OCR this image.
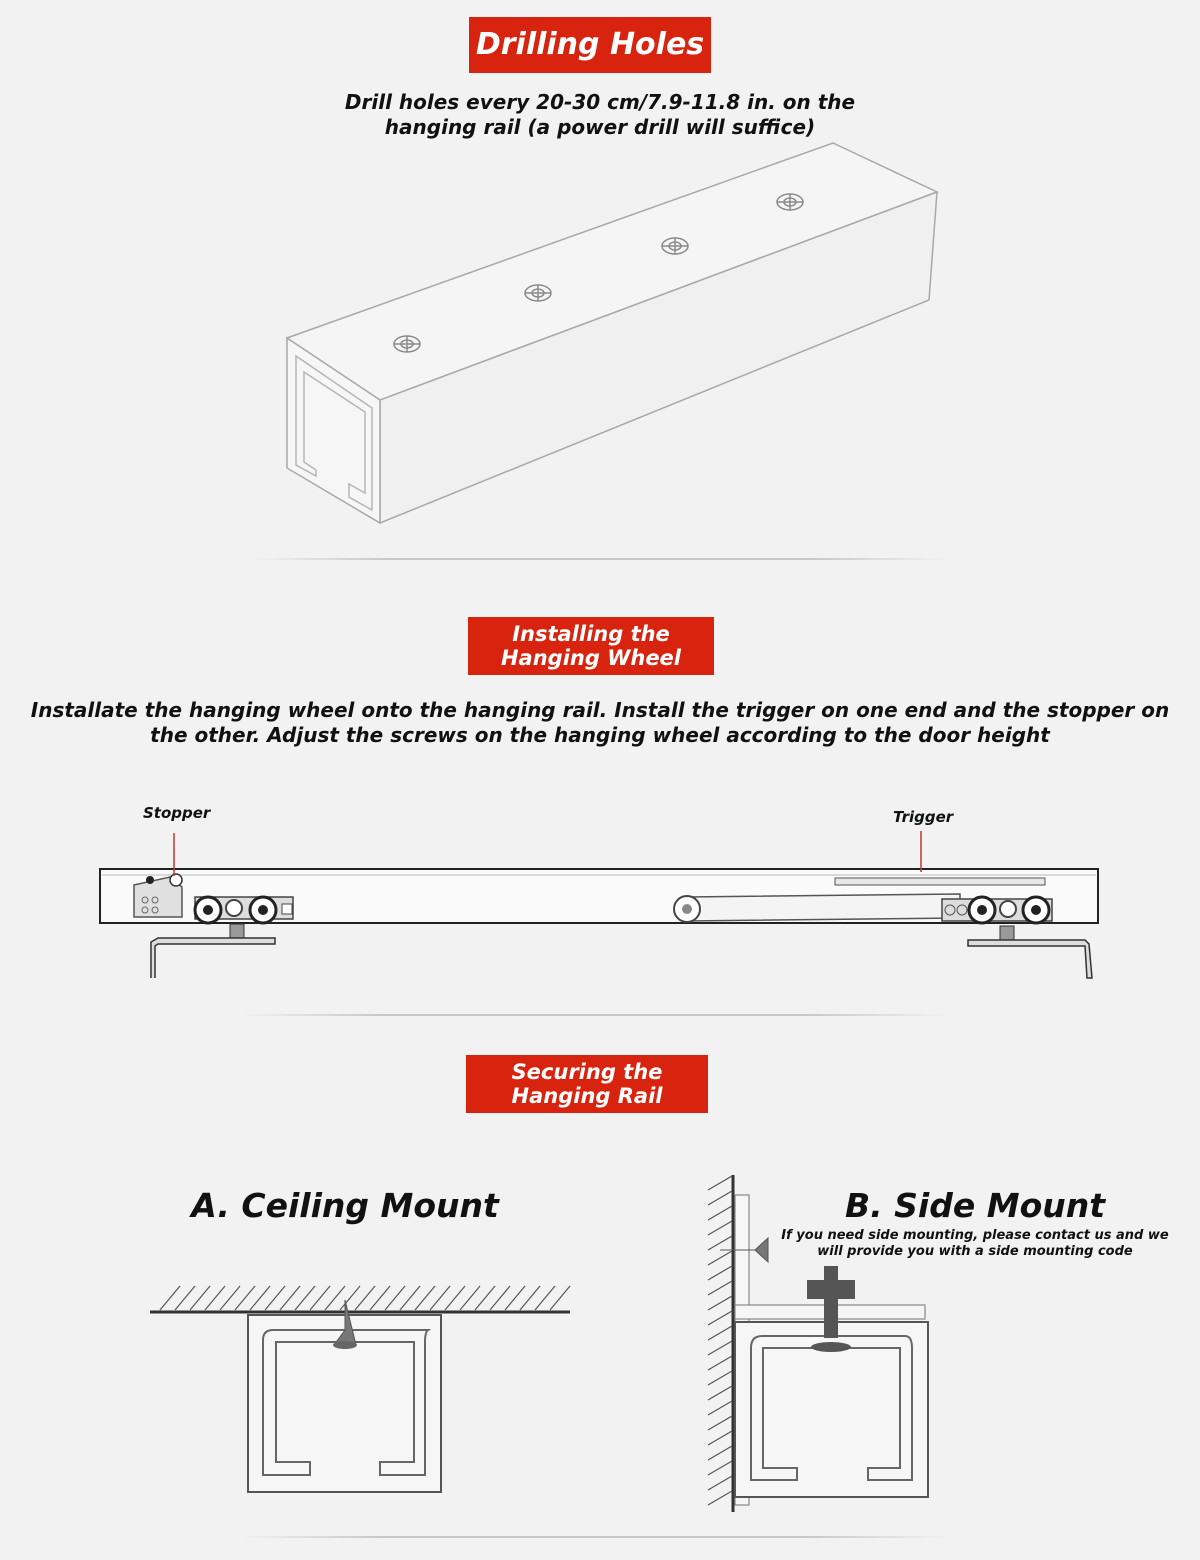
Drilling Holes
Drill holes every 20-30 cm/7.9-11.8 in. on the
hanging rail (a power drill will suffice)
Installing the
Hanging Wheel
Installate the hanging wheel onto the hanging rail. Install the trigger on one end and the stopper on
the other. Adjust the screws on the hanging wheel according to the door height
Stopper	Trigger
Securing the
Hanging Rail
A. Ceiling Mount	B. Side Mount
If you need side mounting, please contact us and we
will provide you with a side mounting code
